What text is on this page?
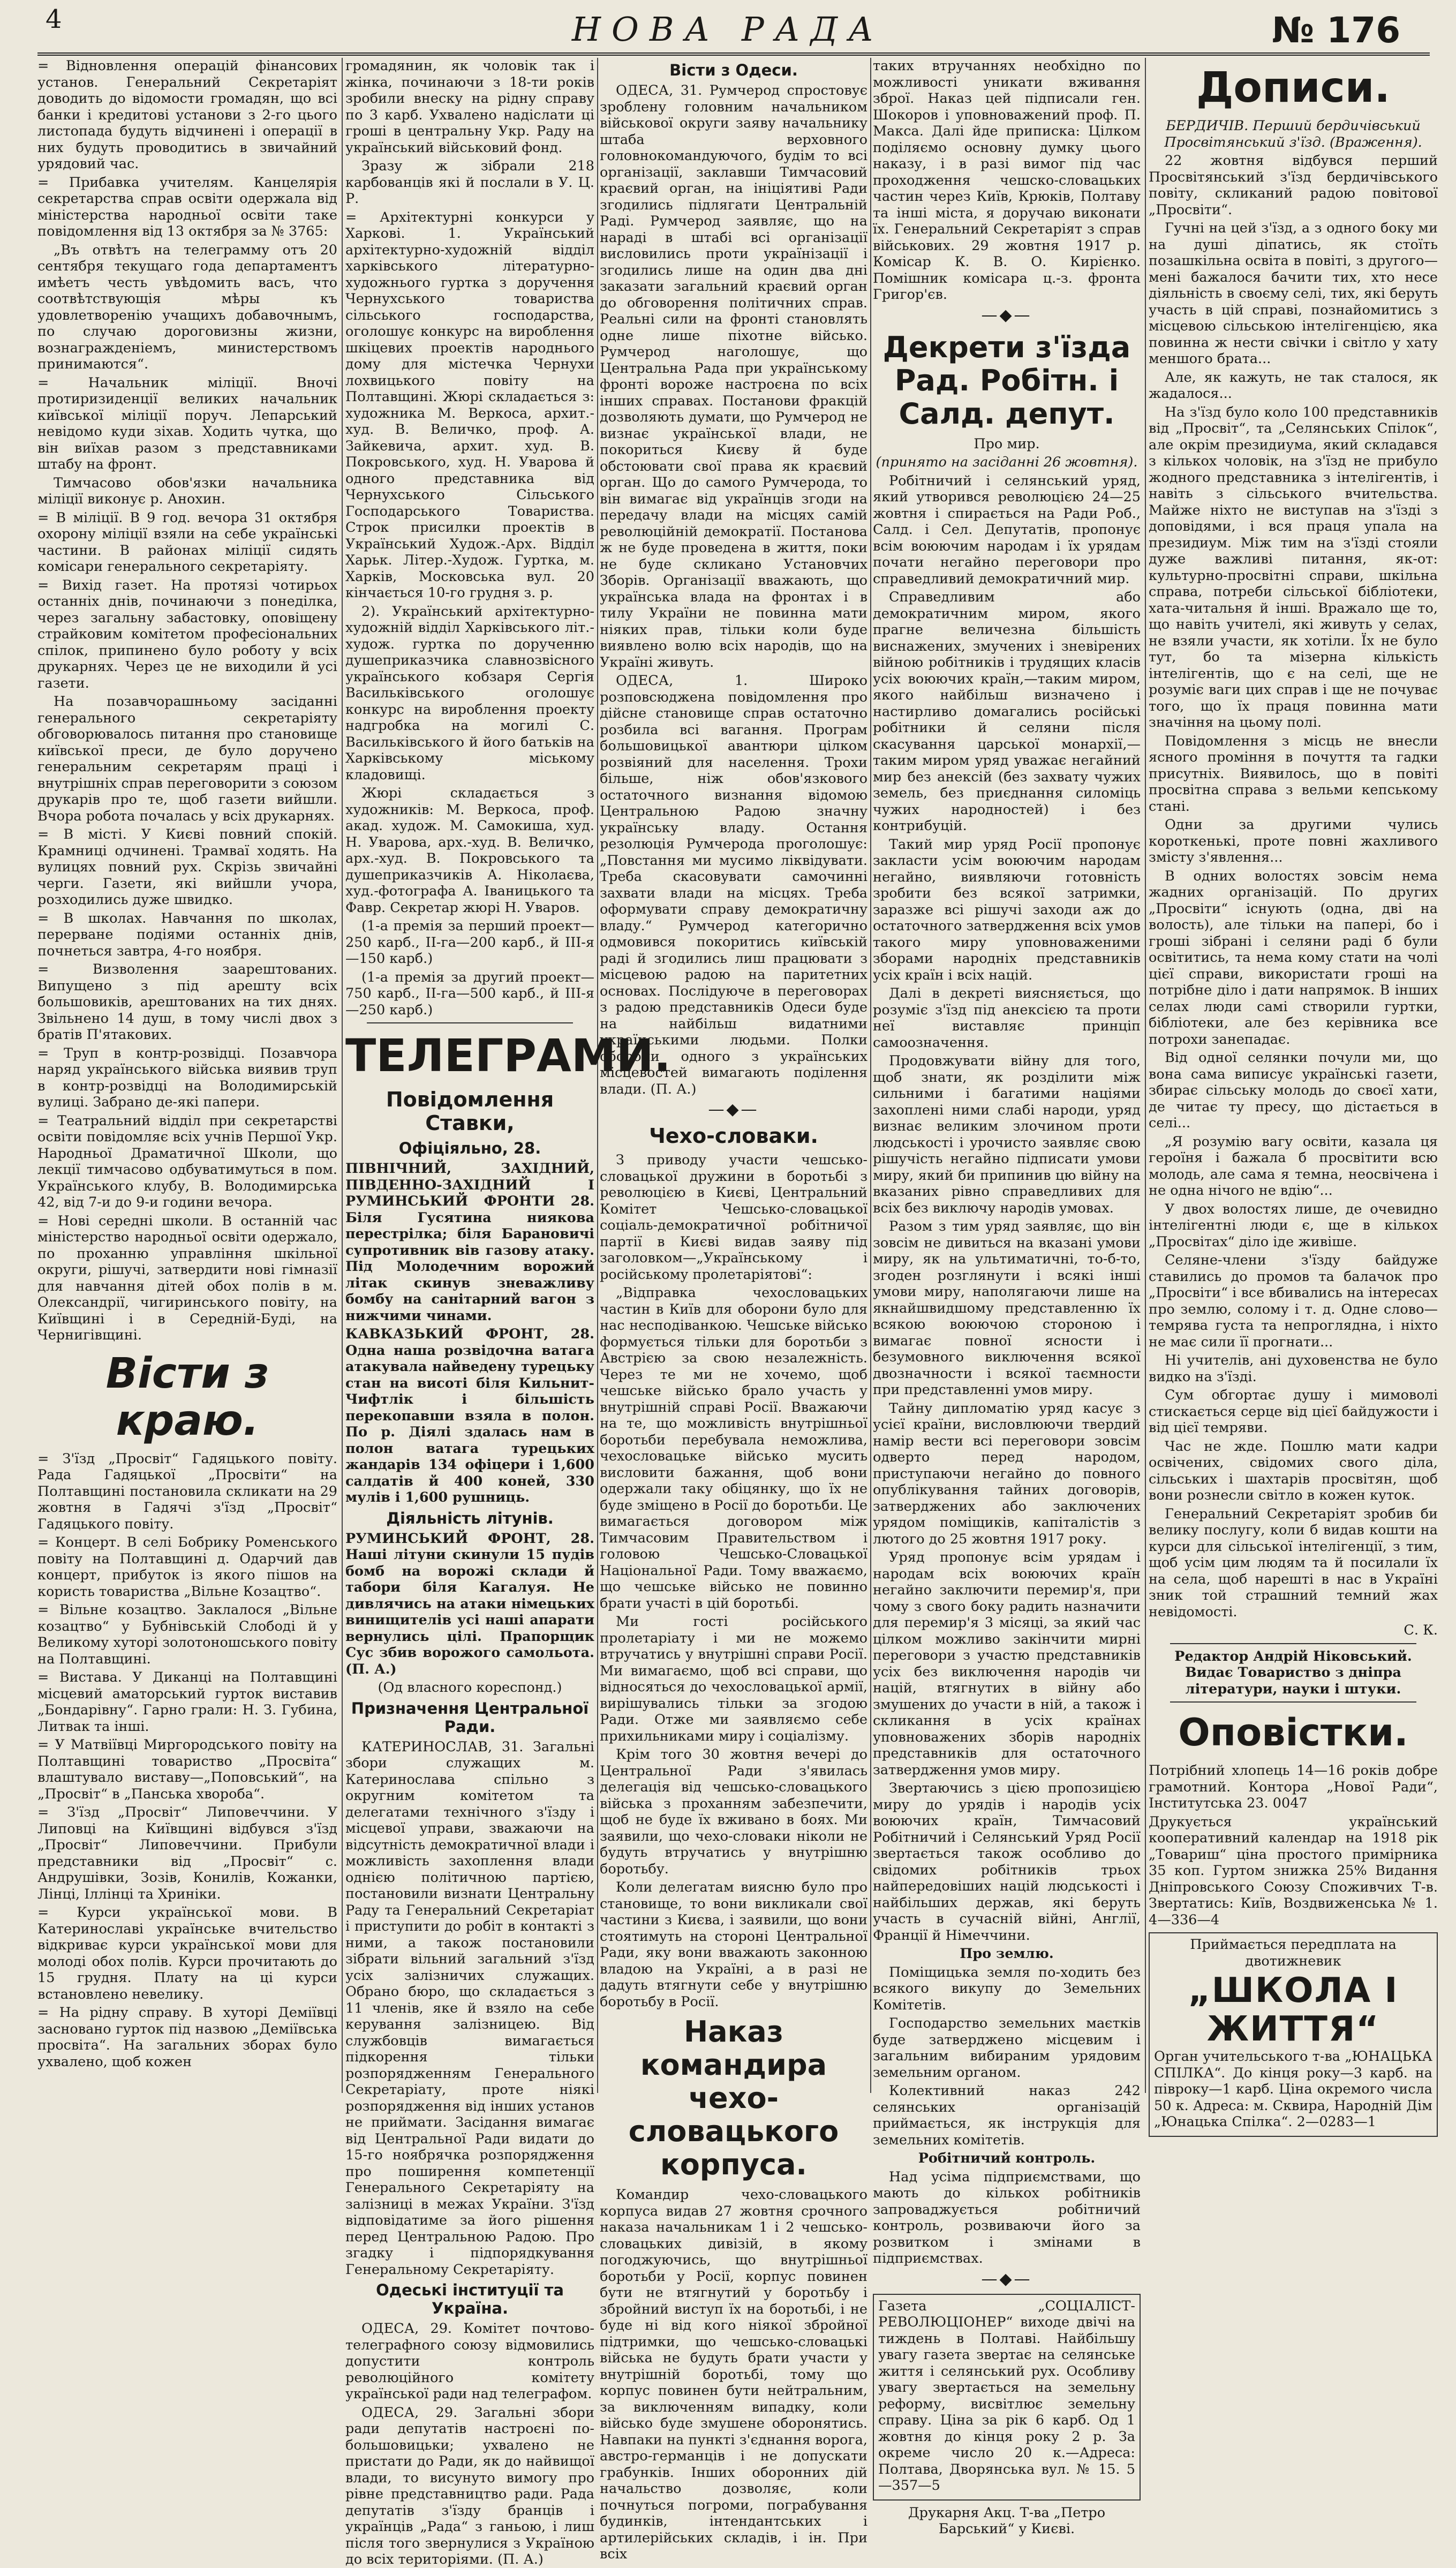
4	НОВА РАДА	№ 176

= Відновлення операцій фінансових установ. Генеральний Секретаріят доводить до відомости громадян, що всі банки і кредитові установи з 2-го цього листопада будуть відчинені і операції в них будуть проводитись в звичайний урядовий час.

= Прибавка учителям. Канцелярія секретарства справ освіти одержала від міністерства народньої освіти таке повідомлення від 13 октября за № 3765:

„Въ отвѣтъ на телеграмму отъ 20 сентября текущаго года департаментъ имѣетъ честь увѣдомить васъ, что соотвѣтствующія мѣры къ удовлетворенію учащихъ добавочнымъ, по случаю дороговизны жизни, вознагражденіемъ, министерствомъ принимаются“.

= Начальник міліції. Вночі протиризиденції великих начальник київської міліції поруч. Лепарський невідомо куди зіхав. Ходить чутка, що він виїхав разом з представниками штабу на фронт.

Тимчасово обов'язки начальника міліції виконує р. Анохин.

= В міліції. В 9 год. вечора 31 октября охорону міліції взяли на себе українські частини. В районах міліції сидять комісари генерального секретаріяту.

= Вихід газет. На протязі чотирьох останніх днів, починаючи з понеділка, через загальну забастовку, оповіщену страйковим комітетом професіональних спілок, припинено було роботу у всіх друкарнях. Через це не виходили й усі газети.

На позавчорашньому засіданні генерального секретаріяту обговорювалось питання про становище київської преси, де було доручено генеральним секретарям праці і внутрішніх справ переговорити з союзом друкарів про те, щоб газети вийшли. Вчора робота почалась у всіх друкарнях.

= В місті. У Києві повний спокій. Крамниці одчинені. Трамваї ходять. На вулицях повний рух. Скрізь звичайні черги. Газети, які вийшли учора, розходились дуже швидко.

= В школах. Навчання по школах, перерване подіями останніх днів, почнеться завтра, 4-го ноября.

= Визволення заарештованих. Випущено з під арешту всіх большовиків, арештованих на тих днях. Звільнено 14 душ, в тому числі двох з братів П'ятакових.

= Труп в контр-розвідці. Позавчора наряд українського війська виявив труп в контр-розвідці на Володимирській вулиці. Забрано де-які папери.

= Театральний відділ при секретарстві освіти повідомляє всіх учнів Першої Укр. Народньої Драматичної Школи, що лекції тимчасово одбуватимуться в пом. Українського клубу, В. Володимирська 42, від 7-и до 9-и години вечора.

= Нові середні школи. В останній час міністерство народньої освіти одержало, по проханню управління шкільної округи, рішучі, затвердити нові гімназії для навчання дітей обох полів в м. Олександрії, чигиринського повіту, на Київщині і в Середній-Буді, на Чернигівщині.

Вісти з краю.

= З'їзд „Просвіт“ Гадяцького повіту. Рада Гадяцької „Просвіти“ на Полтавщині постановила скликати на 29 жовтня в Гадячі з'їзд „Просвіт“ Гадяцького повіту.

= Концерт. В селі Бобрику Роменського повіту на Полтавщині д. Одарчий дав концерт, прибуток із якого пішов на користь товариства „Вільне Козацтво“.

= Вільне козацтво. Заклалося „Вільне козацтво“ у Бубнівській Слободі й у Великому хуторі золотоношського повіту на Полтавщині.

= Вистава. У Диканці на Полтавщині місцевий аматорський гурток виставив „Бондарівну“. Гарно грали: Н. З. Губина, Литвак та інші.

= У Матвіївці Миргородського повіту на Полтавщині товариство „Просвіта“ влаштувало виставу—„Поповський“, на „Просвіт“ в „Панська хвороба“.

= З'їзд „Просвіт“ Липовеччини. У Липовці на Київщині відбувся з'їзд „Просвіт“ Липовеччини. Прибули представники від „Просвіт“ с. Андрушівки, Зозів, Конилів, Кожанки, Лінці, Іллінці та Хриніки.

= Курси української мови. В Катеринославі українське вчительство відкриває курси української мови для молоді обох полів. Курси прочитають до 15 грудня. Плату на ці курси встановлено невелику.

= На рідну справу. В хуторі Деміївці засновано гурток під назвою „Деміївська просвіта“. На загальних зборах було ухвалено, щоб кожен

громадянин, як чоловік так і жінка, починаючи з 18-ти років зробили внеску на рідну справу по 3 карб. Ухвалено надіслати ці гроші в центральну Укр. Раду на український військовий фонд.

Зразу ж зібрали 218 карбованців які й послали в У. Ц. Р.

= Архітектурні конкурси у Харкові. 1. Український архітектурно-художній відділ харківського літературно-художнього гуртка з доручення Чернухського товариства сільського господарства, оголошує конкурс на вироблення шкіцевих проектів народнього дому для містечка Чернухи лохвицького повіту на Полтавщині. Жюрі складається з: художника М. Веркоса, архит.-худ. В. Величко, проф. А. Зайкевича, архит. худ. В. Покровського, худ. Н. Уварова й одного представника від Чернухського Сільського Господарського Товариства. Строк присилки проектів в Український Худож.-Арх. Відділ Харьк. Літер.-Худож. Гуртка, м. Харків, Московська вул. 20 кінчається 10-го грудня з. р.

2). Український архітектурно-художній відділ Харківського літ.-худож. гуртка по дорученню душеприказчика славнозвісного українського кобзаря Сергія Васильківського оголошує конкурс на вироблення проекту надгробка на могилі С. Васильківського й його батьків на Харківському міському кладовищі.

Жюрі складається з художників: М. Веркоса, проф. акад. худож. М. Самокиша, худ. Н. Уварова, арх.-худ. В. Величко, арх.-худ. В. Покровського та душеприказчиків А. Ніколаєва, худ.-фотографа А. Іваницького та Фавр. Секретар жюрі Н. Уваров.

(1-а премія за перший проект—250 карб., II-га—200 карб., й III-я—150 карб.)

(1-а премія за другий проект—750 карб., II-га—500 карб., й III-я—250 карб.)

ТЕЛЕГРАМИ.
Повідомлення Ставки,
Офіціяльно, 28.

ПІВНІЧНИЙ, ЗАХІДНИЙ, ПІВДЕННО-ЗАХІДНИЙ І РУМИНСЬКИЙ ФРОНТИ 28. Біля Гусятина ниякова перестрілка; біля Барановичі супротивник вів газову атаку. Під Молодечним ворожий літак скинув зневажливу бомбу на санітарний вагон з нижчими чинами.

КАВКАЗЬКИЙ ФРОНТ, 28. Одна наша розвідочна ватага атакувала найведену турецьку стан на висоті біля Кильнит-Чифтлік і більшість перекопавши взяла в полон. По р. Діялі здалась нам в полон ватага турецьких жандарів 134 офіцери і 1,600 салдатів й 400 коней, 330 мулів і 1,600 рушниць.

Діяльність літунів.

РУМИНСЬКИЙ ФРОНТ, 28. Наші літуни скинули 15 пудів бомб на ворожі склади й табори біля Кагалуя. Не дивлячись на атаки німецьких винищителів усі наші апарати вернулись цілі. Прапорщик Сус збив ворожого самольота. (П. А.)

(Од власного кореспонд.)

Призначення Центральної Ради.

КАТЕРИНОСЛАВ, 31. Загальні збори служащих м. Катеринослава спільно з округним комітетом та делегатами технічного з'їзду і місцевої управи, зважаючи на відсутність демократичної влади і можливість захоплення влади однією політичною партією, постановили визнати Центральну Раду та Генеральний Секретаріат і приступити до робіт в контакті з ними, а також постановили зібрати вільний загальний з'їзд усіх залізничих служащих. Обрано бюро, що складається з 11 членів, яке й взяло на себе керування залізницею. Від службовців вимагається підкорення тільки розпорядженням Генерального Секретаріату, проте ніякі розпорядження від інших установ не приймати. Засідання вимагає від Центральної Ради видати до 15-го ноябрячка розпорядження про поширення компетенції Генерального Секретаріяту на залізниці в межах України. З'їзд відповідатиме за його рішення перед Центральною Радою. Про згадку і підпорядкування Генеральному Секретаріяту.

Одеські інституції та Україна.

ОДЕСА, 29. Комітет почтово-телеграфного союзу відмовились допустити контроль революційного комітету української ради над телеграфом.

ОДЕСА, 29. Загальні збори ради депутатів настроєні по-большовицьки; ухвалено не пристати до Ради, як до найвищої влади, то висунуто вимогу про рівне представництво ради. Рада депутатів з'їзду бранців і українців „Рада“ з ганьою, і лиш після того звернулися з Україною до всіх територіями. (П. А.)

Вісти з Одеси.

ОДЕСА, 31. Румчерод спростовує зроблену головним начальником військової округи заяву начальнику штаба верховного головнокомандуючого, будім то всі організації, заклавши Тимчасовий краєвий орган, на ініціятиві Ради згодились підлягати Центральній Раді. Румчерод заявляє, що на нараді в штабі всі організації висловились проти українізації і згодились лише на один два дні заказати загальний краєвий орган до обговорення політичних справ. Реальні сили на фронті становлять одне лише піхотне військо. Румчерод наголошує, що Центральна Рада при українському фронті вороже настроєна по всіх інших справах. Постанови фракцій дозволяють думати, що Румчерод не визнає української влади, не покориться Києву й буде обстоювати свої права як краєвий орган. Що до самого Румчерода, то він вимагає від українців згоди на передачу влади на місцях самій революційній демократії. Постанова ж не буде проведена в життя, поки не буде скликано Установчих Зборів. Організації вважають, що українська влада на фронтах і в тилу України не повинна мати ніяких прав, тільки коли буде виявлено волю всіх народів, що на Україні живуть.

ОДЕСА, 1. Широко розповсюджена повідомлення про дійсне становище справ остаточно розбила всі вагання. Програм большовицької авантюри цілком розвіяний для населення. Трохи більше, ніж обов'язкового остаточного визнання відомою Центральною Радою значну українську владу. Остання резолюція Румчерода проголошує: „Повстання ми мусимо ліквідувати. Треба скасовувати самочинні захвати влади на місцях. Треба оформувати справу демократичну владу.“ Румчерод категорично одмовився покоритись київській раді й згодились лиш працювати з місцевою радою на паритетних основах. Послідуюче в переговорах з радою представників Одеси буде на найбільш видатними українськими людьми. Полки оборони одного з українських місцевостей вимагають поділення влади. (П. А.)

—◆—
Чехо-словаки.

З приводу участи чешсько-словацької дружини в боротьбі з революцією в Києві, Центральний Комітет Чешсько-словацької соціаль-демократичної робітничої партії в Києві видав заяву під заголовком—„Українському і російському пролетаріятові“:

„Відправка чехословацьких частин в Київ для оборони було для нас несподіванкою. Чешське військо формується тільки для боротьби з Австрією за свою незалежність. Через те ми не хочемо, щоб чешське військо брало участь у внутрішній справі Росії. Вважаючи на те, що можливість внутрішньої боротьби перебувала неможлива, чехословацьке військо мусить висловити бажання, щоб вони одержали таку обіцянку, що їх не буде зміщено в Росії до боротьби. Це вимагається договором між Тимчасовим Правительством і головою Чешсько-Словацької Національної Ради. Тому вважаємо, що чешське військо не повинно брати участі в цій боротьбі.

Ми гості російського пролетаріату і ми не можемо втручатись у внутрішні справи Росії. Ми вимагаємо, щоб всі справи, що відносяться до чехословацької армії, вирішувались тільки за згодою Ради. Отже ми заявляємо себе прихильниками миру і соціалізму.

Крім того 30 жовтня вечері до Центральної Ради з'явилась делегація від чешсько-словацького війська з проханням забезпечити, щоб не буде їх вживано в боях. Ми заявили, що чехо-словаки ніколи не будуть втручатись у внутрішню боротьбу.

Коли делегатам виясню було про становище, то вони викликали свої частини з Києва, і заявили, що вони стоятимуть на стороні Центральної Ради, яку вони вважають законною владою на Україні, а в разі не дадуть втягнути себе у внутрішню боротьбу в Росії.

Наказ командира чехо-словацького корпуса.

Командир чехо-словацького корпуса видав 27 жовтня срочного наказа начальникам 1 і 2 чешсько-словацьких дивізій, в якому погоджуючись, що внутрішньої боротьби у Росії, корпус повинен бути не втягнутий у боротьбу і збройний виступ їх на боротьбі, і не буде ні від кого ніякої збройної підтримки, що чешсько-словацькі війська не будуть брати участи у внутрішній боротьбі, тому що корпус повинен бути нейтральним, за виключенням випадку, коли військо буде змушене оборонятись. Навпаки на пункті з'єднання ворога, австро-германців і не допускати грабунків. Інших оборонних дій начальство дозволяє, коли почнуться погроми, пограбування будинків, інтендантських і артилерійських складів, і ін. При всіх

таких втручаннях необхідно по можливості уникати вживання зброї. Наказ цей підписали ген. Шокоров і уповноважений проф. П. Макса. Далі йде приписка: Цілком поділяємо основну думку цього наказу, і в разі вимог під час проходження чешско-словацьких частин через Київ, Крюків, Полтаву та інші міста, я доручаю виконати їх. Генеральний Секретаріят з справ військових. 29 жовтня 1917 р. Комісар К. В. О. Кирієнко. Помішник комісара ц.-з. фронта Григор'єв.

—◆—
Декрети з'їзда Рад. Робітн. і Салд. депут.
Про мир.
(принято на засіданні 26 жовтня).

Робітничий і селянський уряд, який утворився революцією 24—25 жовтня і спирається на Ради Роб., Салд. і Сел. Депутатів, пропонує всім воюючим народам і їх урядам почати негайно переговори про справедливий демократичний мир.

Справедливим або демократичним миром, якого прагне величезна більшість виснажених, змучених і зневірених війною робітників і трудящих класів усіх воюючих країн,—таким миром, якого найбільш визначено і настирливо домагались російські робітники й селяни після скасування царської монархії,—таким миром уряд уважає негайний мир без анексій (без захвату чужих земель, без приєднання силоміць чужих народностей) і без контрибуцій.

Такий мир уряд Росії пропонує закласти усім воюючим народам негайно, виявляючи готовність зробити без всякої затримки, заразже всі рішучі заходи аж до остаточного затвердження всіх умов такого миру уповноваженими зборами народніх представників усіх країн і всіх націй.

Далі в декреті виясняється, що розуміє з'їзд під анексією та проти неї виставляє принціп самоозначення.

Продовжувати війну для того, щоб знати, як розділити між сильними і багатими націями захоплені ними слабі народи, уряд визнає великим злочином проти людськості і урочисто заявляє свою рішучість негайно підписати умови миру, який би припинив цю війну на вказаних рівно справедливих для всіх без виключу народів умовах.

Разом з тим уряд заявляє, що він зовсім не дивиться на вказані умови миру, як на ультиматичні, то-б-то, згоден розглянути і всякі інші умови миру, наполягаючи лише на якнайшвидшому представленню їх всякою воюючою стороною і вимагає повної ясности і безумовного виключення всякої двозначности і всякої таємности при представленні умов миру.

Тайну дипломатію уряд касує з усієї країни, висловлюючи твердий намір вести всі переговори зовсім одверто перед народом, приступаючи негайно до повного опублікування тайних договорів, затверджених або заключених урядом поміщиків, капіталістів з лютого до 25 жовтня 1917 року.

Уряд пропонує всім урядам і народам всіх воюючих країн негайно заключити перемир'я, при чому з свого боку радить назначити для перемир'я 3 місяці, за який час цілком можливо закінчити мирні переговори з участю представників усіх без виключення народів чи націй, втягнутих в війну або змушених до участи в ній, а також і скликання в усіх країнах уповноважених зборів народніх представників для остаточного затвердження умов миру.

Звертаючись з цією пропозицією миру до урядів і народів усіх воюючих країн, Тимчасовий Робітничий і Селянський Уряд Росії звертається також особливо до свідомих робітників трьох найпередовіших націй людськості і найбільших держав, які беруть участь в сучасній війні, Англії, Франції й Німеччини.

Про землю.

Поміщицька земля по-ходить без всякого викупу до Земельних Комітетів.

Господарство земельних маєтків буде затверджено місцевим і загальним вибираним урядовим земельним органом.

Колективний наказ 242 селянських організацій приймається, як інструкція для земельних комітетів.

Робітничий контроль.

Над усіма підприємствами, що мають до кількох робітників запроваджується робітничий контроль, розвиваючи його за розвитком і змінами в підприємствах.

—◆—

Газета „СОЦІАЛІСТ-РЕВОЛЮЦІОНЕР“ виходе двічі на тиждень в Полтаві. Найбільшу увагу газета звертає на селянське життя і селянський рух. Особливу увагу звертається на земельну реформу, висвітлює земельну справу. Ціна за рік 6 карб. Од 1 жовтня до кінця року 2 р. За окреме число 20 к.—Адреса: Полтава, Дворянська вул. № 15. 5—357—5

Друкарня Акц. Т-ва „Петро Барський“ у Києві.
Дописи.
БЕРДИЧІВ. Перший бердичівський Просвітянський з'їзд. (Враження).

22 жовтня відбувся перший Просвітянський з'їзд бердичівського повіту, скликаний радою повітової „Просвіти“.

Гучні на цей з'їзд, а з одного боку ми на душі діпатись, як стоїть позашкільна освіта в повіті, з другого—мені бажалося бачити тих, хто несе діяльність в своєму селі, тих, які беруть участь в цій справі, познайомитись з місцевою сільською інтелігенцією, яка повинна ж нести свічки і світло у хату меншого брата...

Але, як кажуть, не так сталося, як жадалося...

На з'їзд було коло 100 представників від „Просвіт“, та „Селянських Спілок“, але окрім президиума, який складався з кількох чоловік, на з'їзд не прибуло жодного представника з інтелігентів, і навіть з сільського вчительства. Майже ніхто не виступав на з'їзді з доповідями, і вся праця упала на президиум. Між тим на з'їзді стояли дуже важливі питання, як-от: культурно-просвітні справи, шкільна справа, потреби сільської бібліотеки, хата-читальня й інші. Вражало ще то, що навіть учителі, які живуть у селах, не взяли участи, як хотіли. Їх не було тут, бо та мізерна кількість інтелігентів, що є на селі, ще не розуміє ваги цих справ і ще не почуває того, що їх праця повинна мати значіння на цьому полі.

Повідомлення з місць не внесли ясного проміння в почуття та гадки присутніх. Виявилось, що в повіті просвітна справа з вельми кепському стані.

Одни за другими чулись короткенькі, проте повні жахливого змісту з'явлення...

В одних волостях зовсім нема жадних організацій. По других „Просвіти“ існують (одна, дві на волость), але тільки на папері, бо і гроші зібрані і селяни раді б були освітитись, та нема кому стати на чолі цієї справи, використати гроші на потрібне діло і дати напрямок. В інших селах люди самі створили гуртки, бібліотеки, але без керівника все потрохи занепадає.

Від одної селянки почули ми, що вона сама виписує українські газети, збирає сільську молодь до своєї хати, де читає ту пресу, що дістається в селі...

„Я розумію вагу освіти, казала ця героїня і бажала б просвітити всю молодь, але сама я темна, неосвічена і не одна нічого не вдію“...

У двох волостях лише, де очевидно інтелігентні люди є, ще в кількох „Просвітах“ діло іде живіше.

Селяне-члени з'їзду байдуже ставились до промов та балачок про „Просвіти“ і все вбивались на інтересах про землю, солому і т. д. Одне слово—темрява густа та непроглядна, і ніхто не має сили її прогнати...

Ні учителів, ані духовенства не було видко на з'їзді.

Сум обгортає душу і мимоволі стискається серце від цієї байдужости і від цієї темряви.

Час не жде. Пошлю мати кадри освічених, свідомих свого діла, сільських і шахтарів просвітян, щоб вони рознесли світло в кожен куток.

Генеральний Секретаріят зробив би велику послугу, коли б видав кошти на курси для сільської інтелігенції, з тим, щоб усім цим людям та й посилали їх на села, щоб нарешті в нас в Україні зник той страшний темний жах невідомості.

С. К.
Редактор Андрій Ніковський. Видає Товариство з дніпра літератури, науки і штуки.
Оповістки.

Потрібний хлопець 14—16 років добре грамотний. Контора „Нової Ради“, Інститутська 23. 0047

Друкується український кооперативний календар на 1918 рік „Товариш“ ціна простого примірника 35 коп. Гуртом знижка 25% Видання Дніпровського Союзу Споживчих Т-в. Звертатись: Київ, Воздвиженська № 1. 4—336—4

Приймається передплата на двотижневик
„ШКОЛА І ЖИТТЯ“

Орган учительського т-ва „ЮНАЦЬКА СПІЛКА“. До кінця року—3 карб. на півроку—1 карб. Ціна окремого числа 50 к. Адреса: м. Сквира, Народній Дім „Юнацька Спілка“. 2—0283—1
